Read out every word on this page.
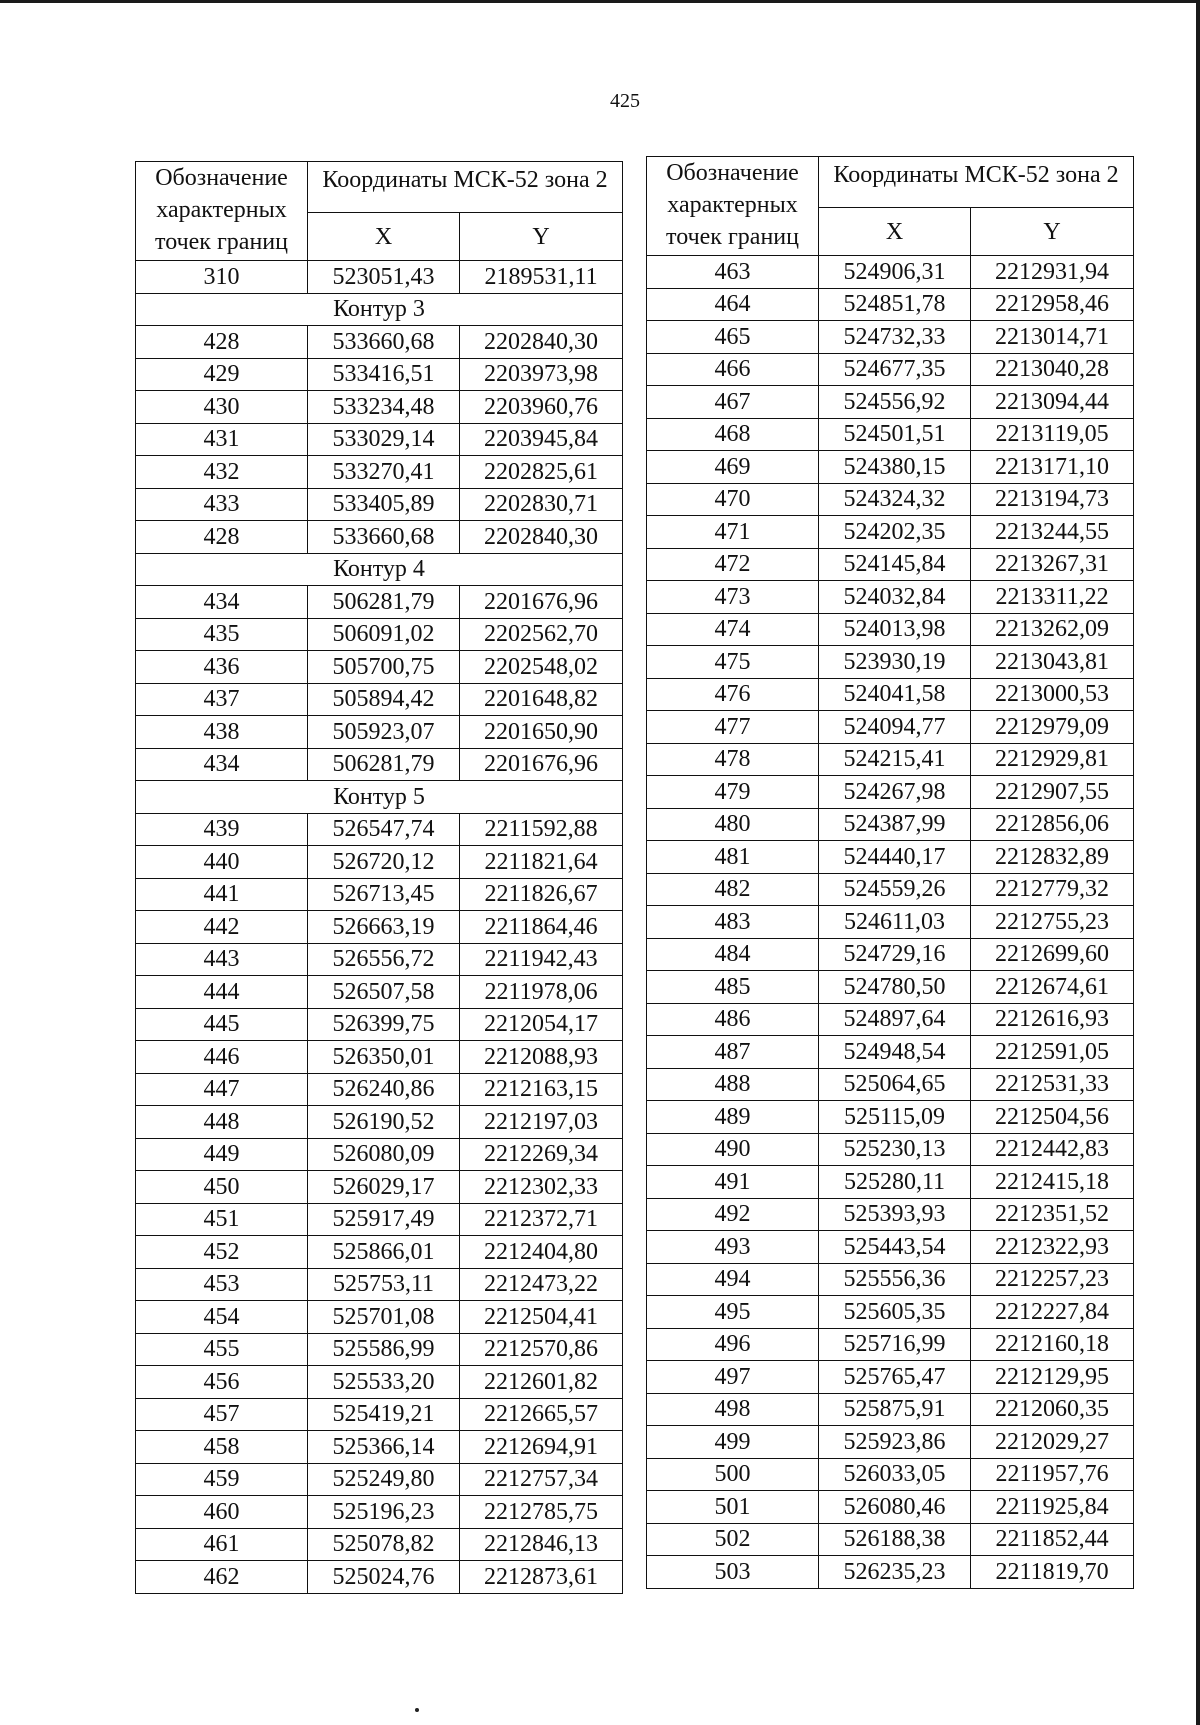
425
Обозначение характерных точек границ	Координаты МСК-52 зона 2	
	X	Y
310	523051,43	2189531,11
Контур 3		
428	533660,68	2202840,30
429	533416,51	2203973,98
430	533234,48	2203960,76
431	533029,14	2203945,84
432	533270,41	2202825,61
433	533405,89	2202830,71
428	533660,68	2202840,30
Контур 4		
434	506281,79	2201676,96
435	506091,02	2202562,70
436	505700,75	2202548,02
437	505894,42	2201648,82
438	505923,07	2201650,90
434	506281,79	2201676,96
Контур 5		
439	526547,74	2211592,88
440	526720,12	2211821,64
441	526713,45	2211826,67
442	526663,19	2211864,46
443	526556,72	2211942,43
444	526507,58	2211978,06
445	526399,75	2212054,17
446	526350,01	2212088,93
447	526240,86	2212163,15
448	526190,52	2212197,03
449	526080,09	2212269,34
450	526029,17	2212302,33
451	525917,49	2212372,71
452	525866,01	2212404,80
453	525753,11	2212473,22
454	525701,08	2212504,41
455	525586,99	2212570,86
456	525533,20	2212601,82
457	525419,21	2212665,57
458	525366,14	2212694,91
459	525249,80	2212757,34
460	525196,23	2212785,75
461	525078,82	2212846,13
462	525024,76	2212873,61
Обозначение характерных точек границ	Координаты МСК-52 зона 2	
	X	Y
463	524906,31	2212931,94
464	524851,78	2212958,46
465	524732,33	2213014,71
466	524677,35	2213040,28
467	524556,92	2213094,44
468	524501,51	2213119,05
469	524380,15	2213171,10
470	524324,32	2213194,73
471	524202,35	2213244,55
472	524145,84	2213267,31
473	524032,84	2213311,22
474	524013,98	2213262,09
475	523930,19	2213043,81
476	524041,58	2213000,53
477	524094,77	2212979,09
478	524215,41	2212929,81
479	524267,98	2212907,55
480	524387,99	2212856,06
481	524440,17	2212832,89
482	524559,26	2212779,32
483	524611,03	2212755,23
484	524729,16	2212699,60
485	524780,50	2212674,61
486	524897,64	2212616,93
487	524948,54	2212591,05
488	525064,65	2212531,33
489	525115,09	2212504,56
490	525230,13	2212442,83
491	525280,11	2212415,18
492	525393,93	2212351,52
493	525443,54	2212322,93
494	525556,36	2212257,23
495	525605,35	2212227,84
496	525716,99	2212160,18
497	525765,47	2212129,95
498	525875,91	2212060,35
499	525923,86	2212029,27
500	526033,05	2211957,76
501	526080,46	2211925,84
502	526188,38	2211852,44
503	526235,23	2211819,70
